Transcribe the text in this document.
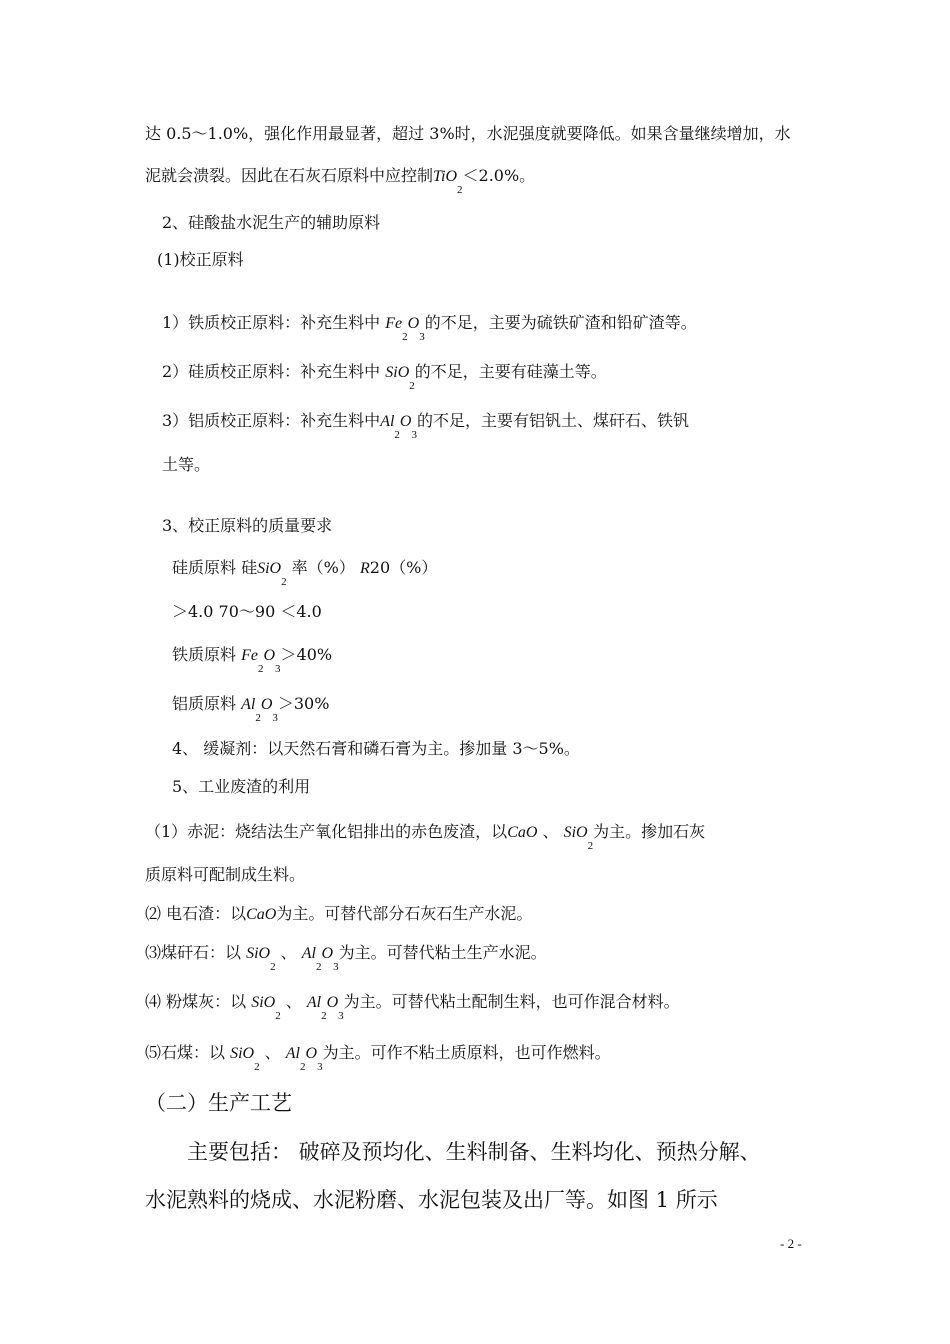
达 0.5～1.0%，强化作用最显著，超过 3%时，水泥强度就要降低。如果含量继续增加，水
泥就会溃裂。因此在石灰石原料中应控制TiO$_2$＜2.0%。
2、硅酸盐水泥生产的辅助原料
(1)校正原料
1）铁质校正原料：补充生料中 $Fe_2O_3$的不足，主要为硫铁矿渣和铅矿渣等。
2）硅质校正原料：补充生料中 SiO$_2$的不足，主要有硅藻土等。
3）铝质校正原料：补充生料中$Al_2O_3$的不足，主要有铝钒土、煤矸石、铁钒
土等。
3、校正原料的质量要求
硅质原料 硅SiO$_2$ 率（%） R20（%）
＞4.0 70～90 ＜4.0
铁质原料 $Fe_2O_3>40\%$
铝质原料 $Al_2O_3>30\%$
4、 缓凝剂：以天然石膏和磷石膏为主。掺加量 3～5%。
5、工业废渣的利用
（1）赤泥：烧结法生产氧化铝排出的赤色废渣，以CaO 、 SiO$_2$为主。掺加石灰
质原料可配制成生料。
⑵ 电石渣：以CaO为主。可替代部分石灰石生产水泥。
⑶煤矸石：以 SiO$_2$ 、 $Al_2O_3$为主。可替代粘土生产水泥。
⑷ 粉煤灰：以 SiO$_2$ 、 $Al_2O_3$为主。可替代粘土配制生料，也可作混合材料。
⑸石煤：以 SiO$_2$ 、 $Al_2O_3$为主。可作不粘土质原料，也可作燃料。
（二）生产工艺
主要包括： 破碎及预均化、生料制备、生料均化、预热分解、
水泥熟料的烧成、水泥粉磨、水泥包装及出厂等。如图 1 所示
- 2 -
